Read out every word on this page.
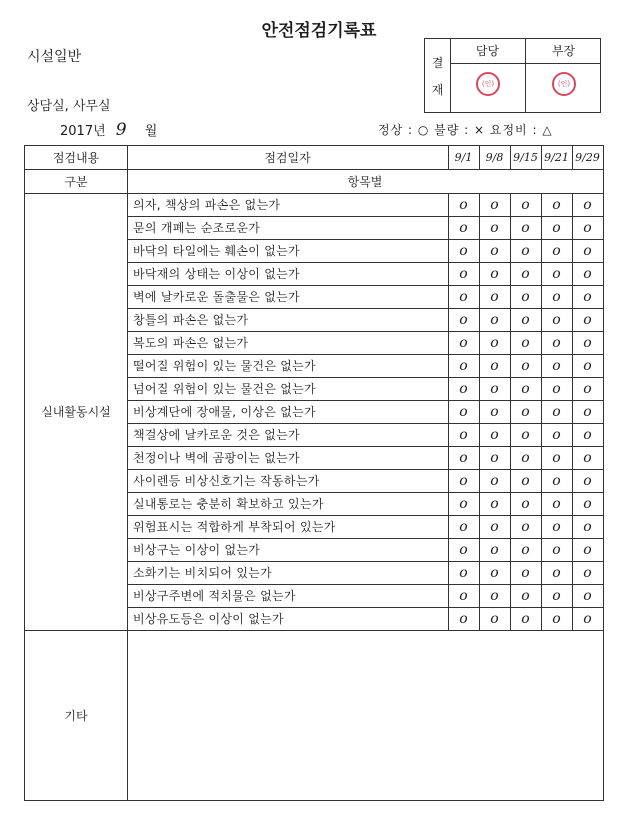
안전점검기록표
시설일반
상담실, 사무실
2017년 9 월	정상 : ○ 불량 : × 요정비 : △
결
재
담당
(인)
부장
(인)
점검내용	점검일자	9/1	9/8 9/15 9/21 9/29
구분	항목별
실내활동시설
의자, 책상의 파손은 없는가	o	o	o	o	o
문의 개폐는 순조로운가	o	o	o	o	o
바닥의 타일에는 훼손이 없는가	o	o	o	o	o
바닥재의 상태는 이상이 없는가	o	o	o	o	o
벽에 날카로운 돌출물은 없는가	o	o	o	o	o
창틀의 파손은 없는가	o	o	o	o	o
복도의 파손은 없는가	o	o	o	o	o
떨어질 위험이 있는 물건은 없는가	o	o	o	o	o
넘어질 위험이 있는 물건은 없는가	o	o	o	o	o
비상계단에 장애물, 이상은 없는가	o	o	o	o	o
책걸상에 날카로운 것은 없는가	o	o	o	o	o
천정이나 벽에 곰팡이는 없는가	o	o	o	o	o
사이렌등 비상신호기는 작동하는가	o	o	o	o	o
실내통로는 충분히 확보하고 있는가	o	o	o	o	o
위험표시는 적합하게 부착되어 있는가	o	o	o	o	o
비상구는 이상이 없는가	o	o	o	o	o
소화기는 비치되어 있는가	o	o	o	o	o
비상구주변에 적치물은 없는가	o	o	o	o	o
비상유도등은 이상이 없는가	o	o	o	o	o
기타
